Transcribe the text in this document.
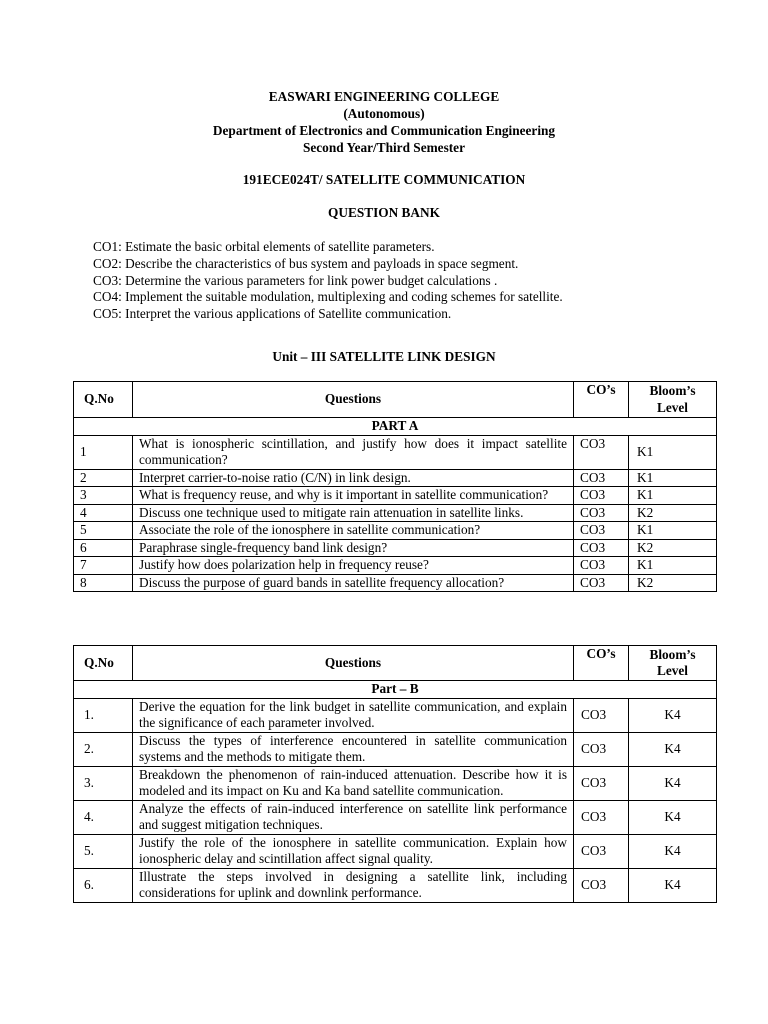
EASWARI ENGINEERING COLLEGE
(Autonomous)
Department of Electronics and Communication Engineering
Second Year/Third Semester
191ECE024T/ SATELLITE COMMUNICATION
QUESTION BANK
CO1: Estimate the basic orbital elements of satellite parameters.
CO2: Describe the characteristics of bus system and payloads in space segment.
CO3: Determine the various parameters for link power budget calculations .
CO4: Implement the suitable modulation, multiplexing and coding schemes for satellite.
CO5: Interpret the various applications of Satellite communication.
Unit – III SATELLITE LINK DESIGN
Q.No	Questions	CO’s	Bloom’s Level
PART A			
1	What is ionospheric scintillation, and justify how does it impact satellite communication?	CO3	K1
2	Interpret carrier-to-noise ratio (C/N) in link design.	CO3	K1
3	What is frequency reuse, and why is it important in satellite communication?	CO3	K1
4	Discuss one technique used to mitigate rain attenuation in satellite links.	CO3	K2
5	Associate the role of the ionosphere in satellite communication?	CO3	K1
6	Paraphrase single-frequency band link design?	CO3	K2
7	Justify how does polarization help in frequency reuse?	CO3	K1
8	Discuss the purpose of guard bands in satellite frequency allocation?	CO3	K2
Q.No	Questions	CO’s	Bloom’s Level
Part – B			
1.	Derive the equation for the link budget in satellite communication, and explain the significance of each parameter involved.	CO3	K4
2.	Discuss the types of interference encountered in satellite communication systems and the methods to mitigate them.	CO3	K4
3.	Breakdown the phenomenon of rain-induced attenuation. Describe how it is modeled and its impact on Ku and Ka band satellite communication.	CO3	K4
4.	Analyze the effects of rain-induced interference on satellite link performance and suggest mitigation techniques.	CO3	K4
5.	Justify the role of the ionosphere in satellite communication. Explain how ionospheric delay and scintillation affect signal quality.	CO3	K4
6.	Illustrate the steps involved in designing a satellite link, including considerations for uplink and downlink performance.	CO3	K4
